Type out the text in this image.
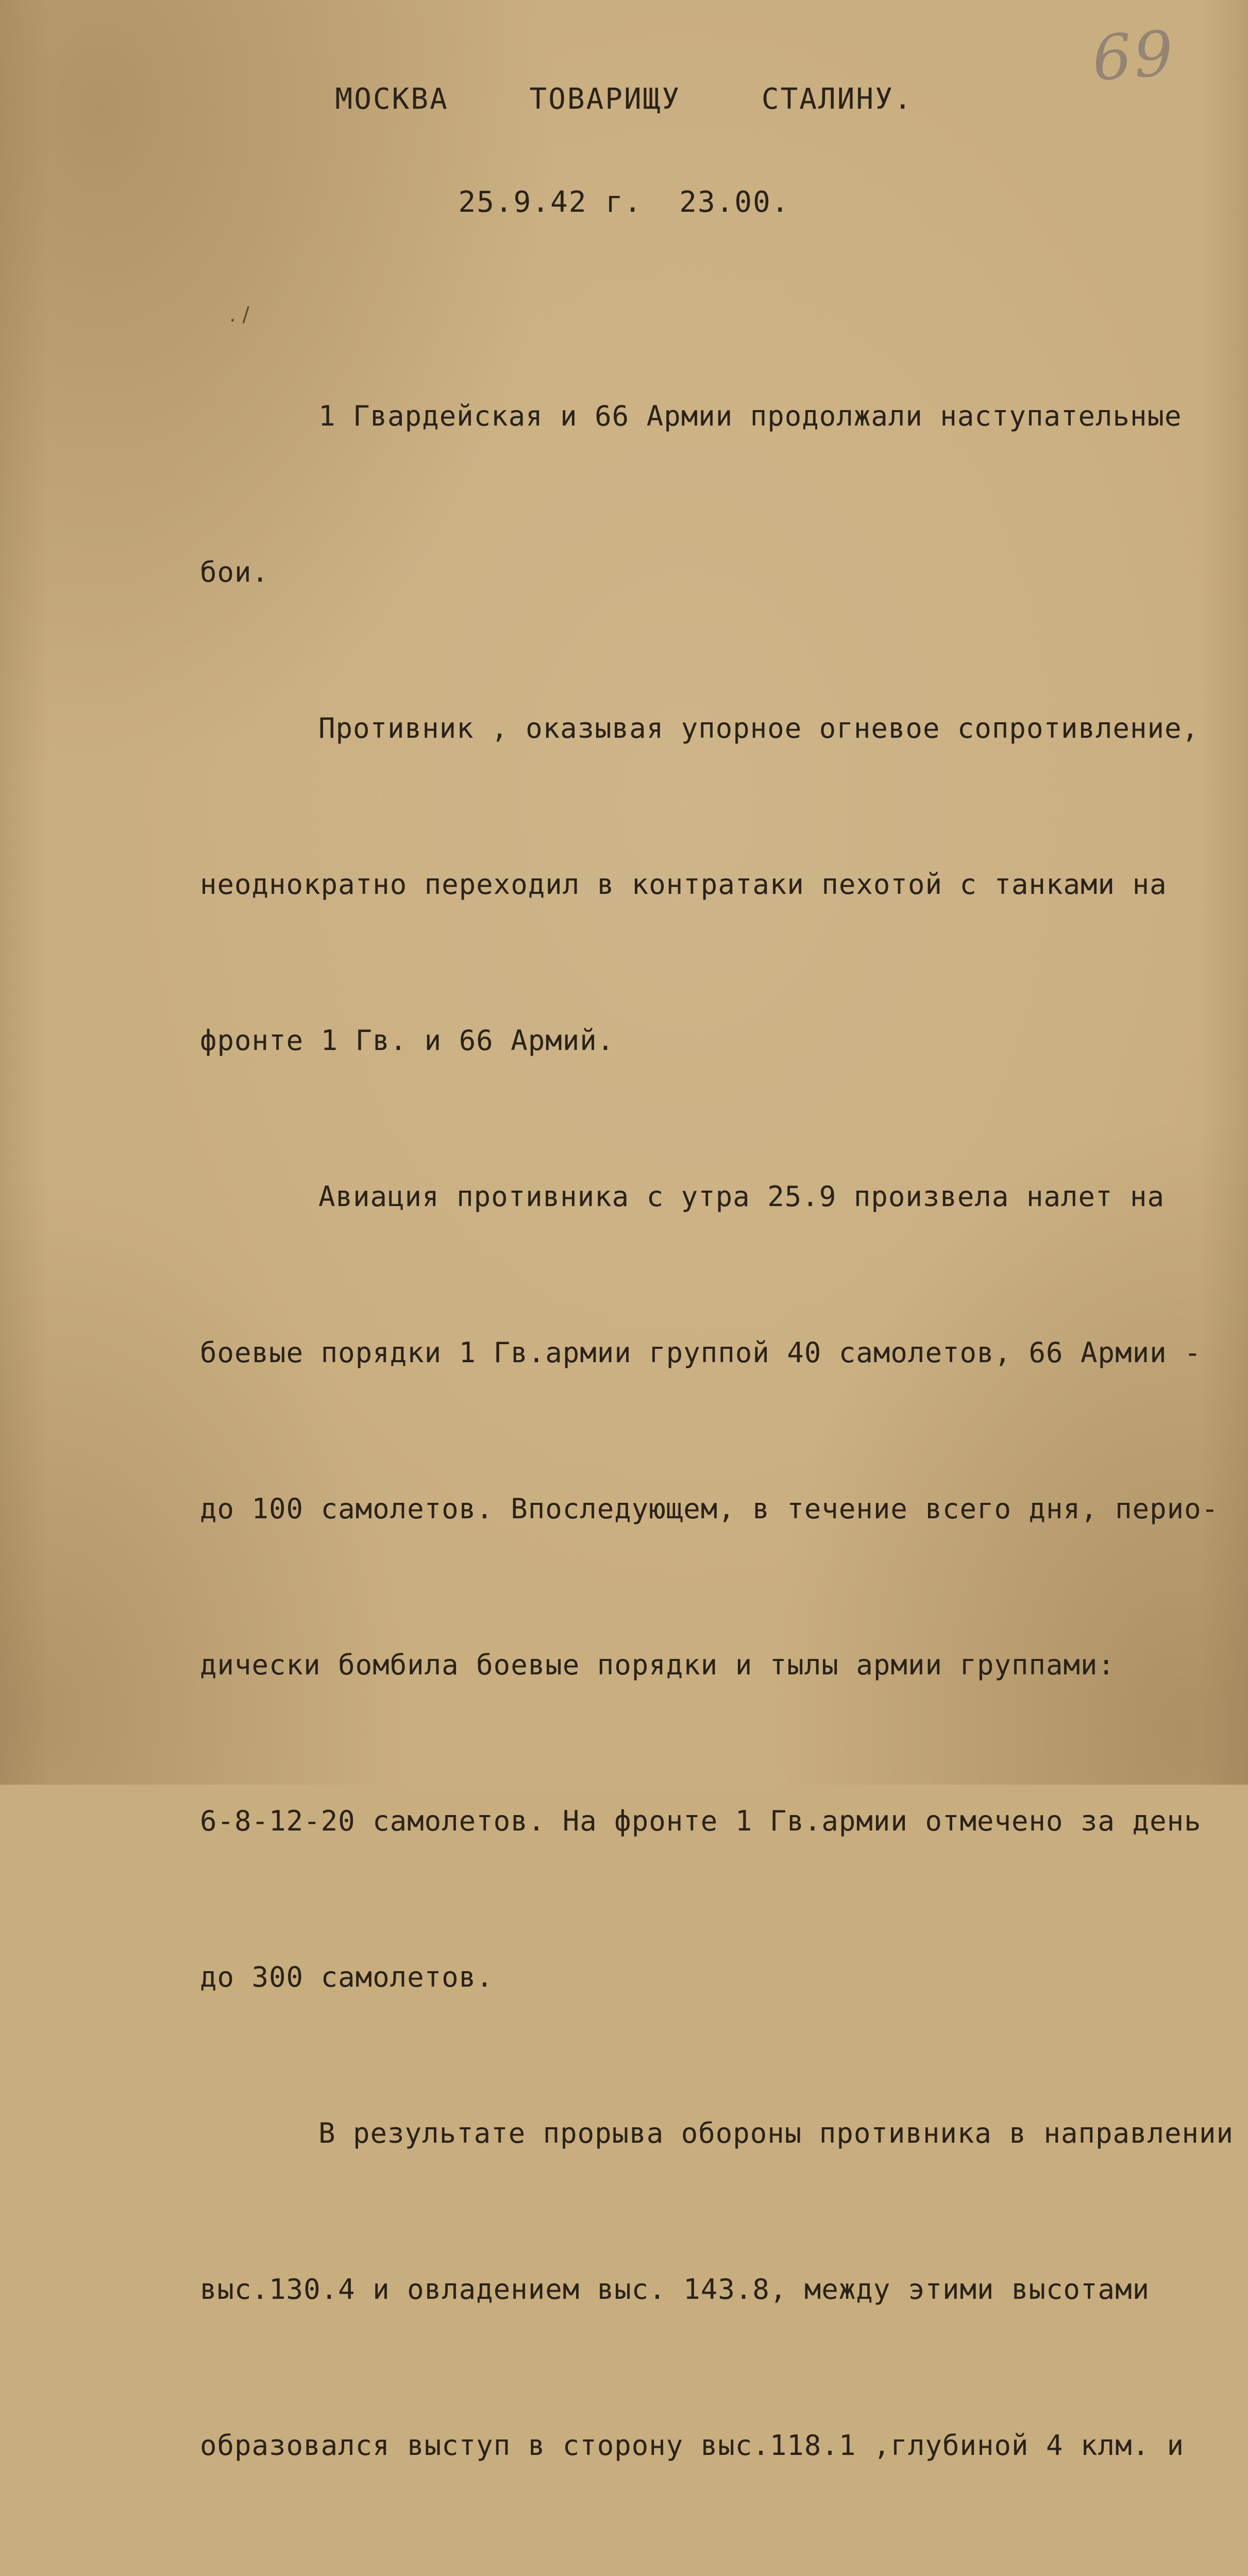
69
МОСКВА	ТОВАРИЩУ	СТАЛИНУ.
25.9.42 г. 23.00.
. /

1 Гвардейская и 66 Армии продолжали наступательные

бои.

Противник , оказывая упорное огневое сопротивление,

неоднократно переходил в контратаки пехотой с танками на

фронте 1 Гв. и 66 Армий.

Авиация противника с утра 25.9 произвела налет на

боевые порядки 1 Гв.армии группой 40 самолетов, 66 Армии -

до 100 самолетов. Впоследующем, в течение всего дня, перио-

дически бомбила боевые порядки и тылы армии группами:

6-8-12-20 самолетов. На фронте 1 Гв.армии отмечено за день

до 300 самолетов.

В результате прорыва обороны противника в направлении

выс.130.4 и овладением выс. 143.8, между этими высотами

образовался выступ в сторону выс.118.1 ,глубиной 4 клм. и
